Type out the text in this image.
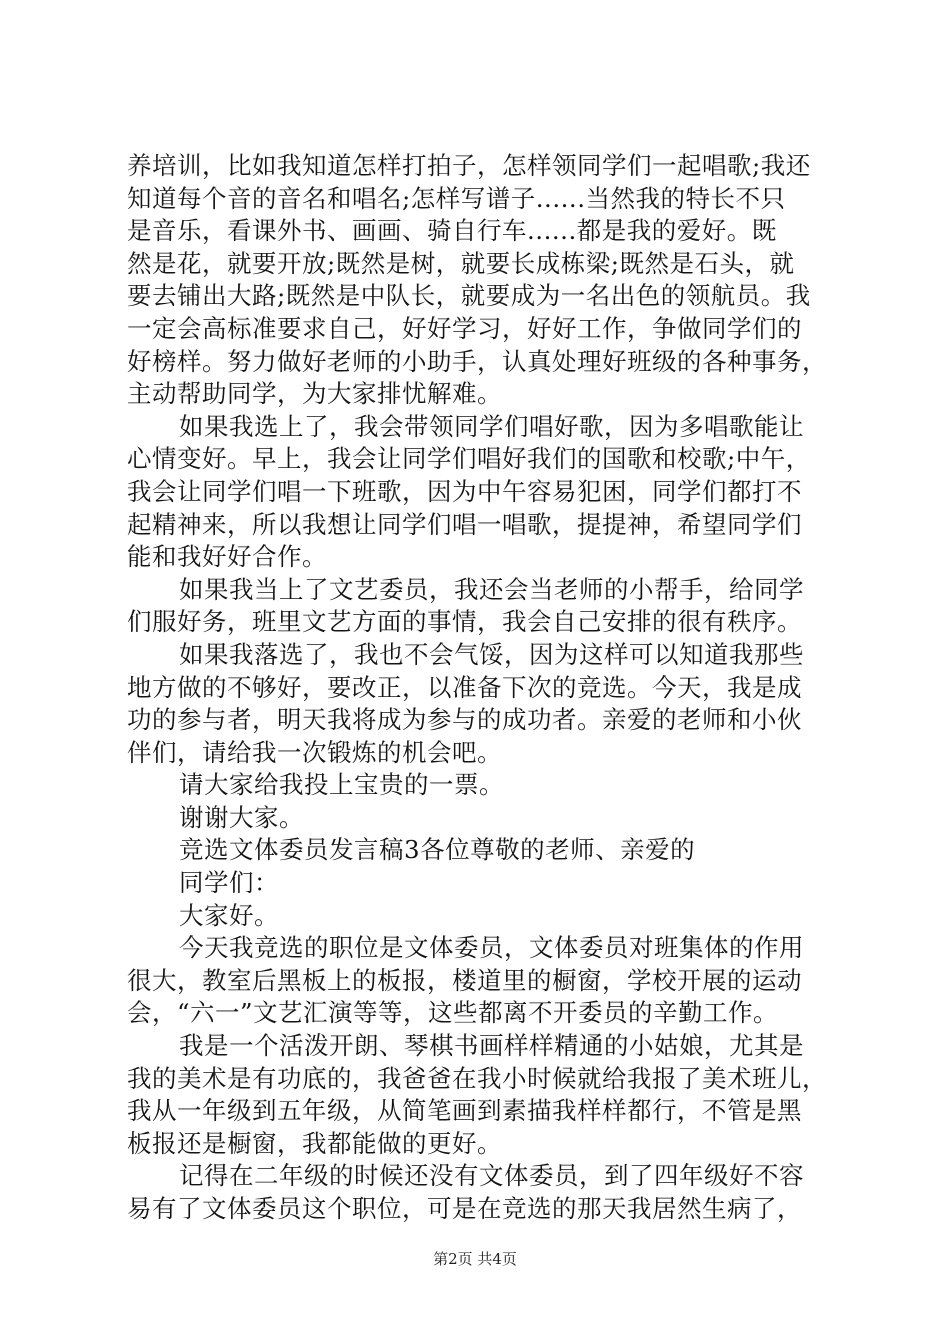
养培训，比如我知道怎样打拍子，怎样领同学们一起唱歌;我还
知道每个音的音名和唱名;怎样写谱子......当然我的特长不只
是音乐，看课外书、画画、骑自行车......都是我的爱好。既
然是花，就要开放;既然是树，就要长成栋梁;既然是石头，就
要去铺出大路;既然是中队长，就要成为一名出色的领航员。我
一定会高标准要求自己，好好学习，好好工作，争做同学们的
好榜样。努力做好老师的小助手，认真处理好班级的各种事务，
主动帮助同学，为大家排忧解难。
如果我选上了，我会带领同学们唱好歌，因为多唱歌能让
心情变好。早上，我会让同学们唱好我们的国歌和校歌;中午，
我会让同学们唱一下班歌，因为中午容易犯困，同学们都打不
起精神来，所以我想让同学们唱一唱歌，提提神，希望同学们
能和我好好合作。
如果我当上了文艺委员，我还会当老师的小帮手，给同学
们服好务，班里文艺方面的事情，我会自己安排的很有秩序。
如果我落选了，我也不会气馁，因为这样可以知道我那些
地方做的不够好，要改正，以准备下次的竞选。今天，我是成
功的参与者，明天我将成为参与的成功者。亲爱的老师和小伙
伴们，请给我一次锻炼的机会吧。
请大家给我投上宝贵的一票。
谢谢大家。
竞选文体委员发言稿3各位尊敬的老师、亲爱的
同学们：
大家好。
今天我竞选的职位是文体委员，文体委员对班集体的作用
很大，教室后黑板上的板报，楼道里的橱窗，学校开展的运动
会，“六一”文艺汇演等等，这些都离不开委员的辛勤工作。
我是一个活泼开朗、琴棋书画样样精通的小姑娘，尤其是
我的美术是有功底的，我爸爸在我小时候就给我报了美术班儿，
我从一年级到五年级，从简笔画到素描我样样都行，不管是黑
板报还是橱窗，我都能做的更好。
记得在二年级的时候还没有文体委员，到了四年级好不容
易有了文体委员这个职位，可是在竞选的那天我居然生病了，
第2页 共4页
